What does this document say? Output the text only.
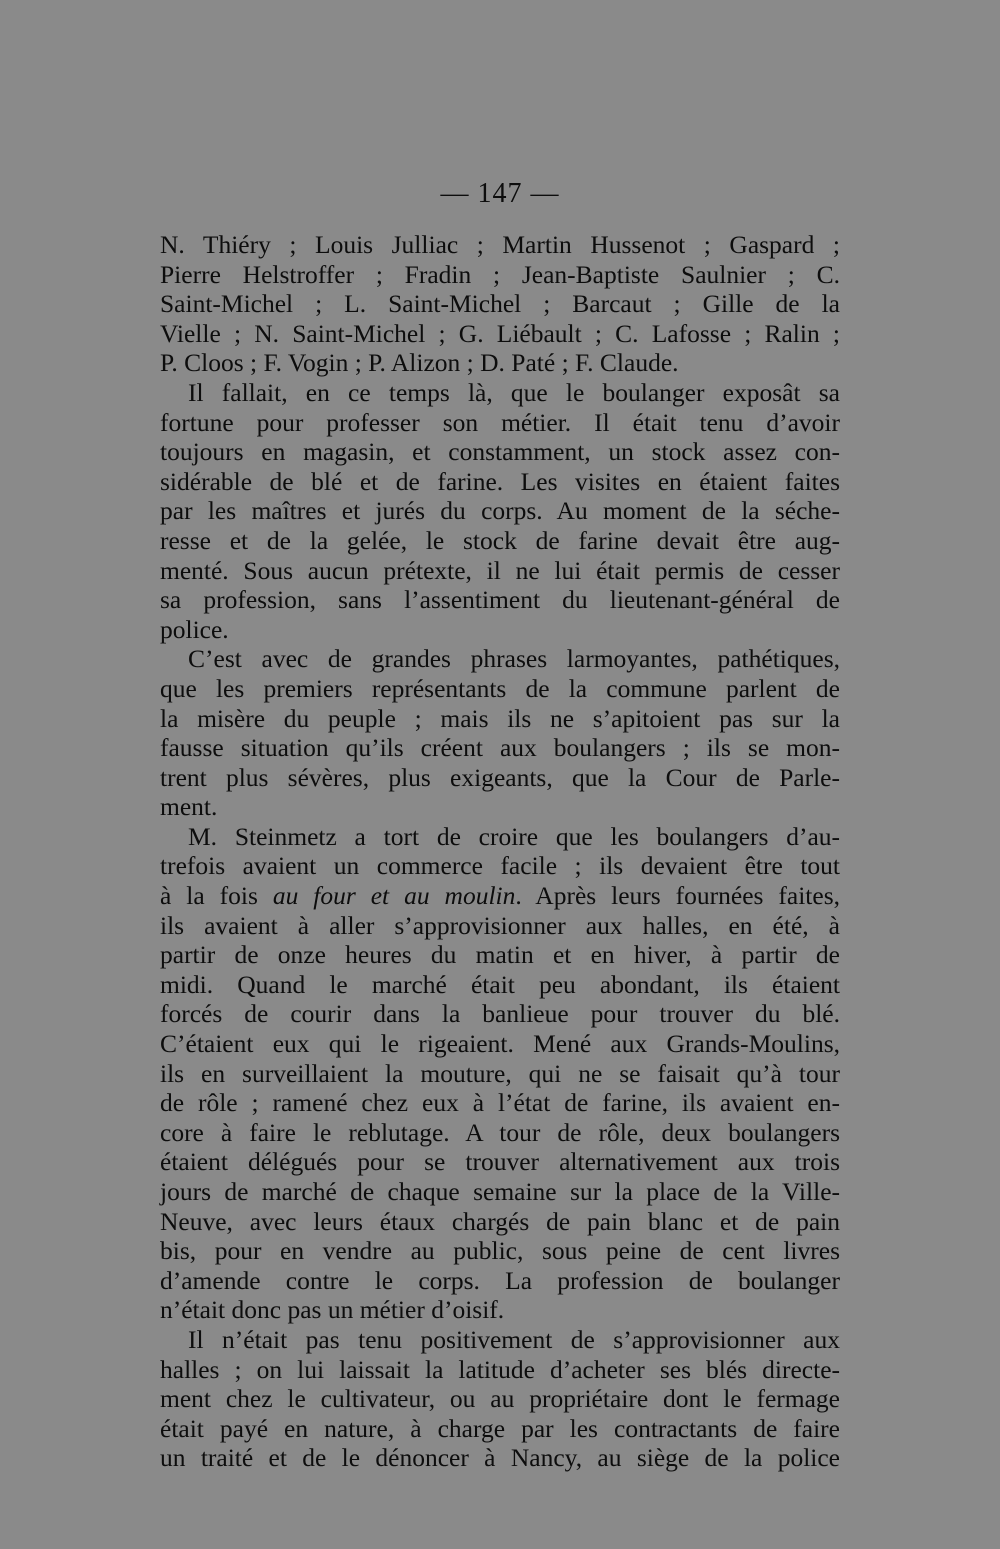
— 147 —

N. Thiéry ; Louis Julliac ; Martin Hussenot ; Gaspard ;
Pierre Helstroffer ; Fradin ; Jean-Baptiste Saulnier ; C.
Saint-Michel ; L. Saint-Michel ; Barcaut ; Gille de la
Vielle ; N. Saint-Michel ; G. Liébault ; C. Lafosse ; Ralin ;
P. Cloos ; F. Vogin ; P. Alizon ; D. Paté ; F. Claude.

Il fallait, en ce temps là, que le boulanger exposât sa
fortune pour professer son métier. Il était tenu d’avoir
toujours en magasin, et constamment, un stock assez con-
sidérable de blé et de farine. Les visites en étaient faites
par les maîtres et jurés du corps. Au moment de la séche-
resse et de la gelée, le stock de farine devait être aug-
menté. Sous aucun prétexte, il ne lui était permis de cesser
sa profession, sans l’assentiment du lieutenant-général de
police.

C’est avec de grandes phrases larmoyantes, pathétiques,
que les premiers représentants de la commune parlent de
la misère du peuple ; mais ils ne s’apitoient pas sur la
fausse situation qu’ils créent aux boulangers ; ils se mon-
trent plus sévères, plus exigeants, que la Cour de Parle-
ment.

M. Steinmetz a tort de croire que les boulangers d’au-
trefois avaient un commerce facile ; ils devaient être tout
à la fois au four et au moulin. Après leurs fournées faites,
ils avaient à aller s’approvisionner aux halles, en été, à
partir de onze heures du matin et en hiver, à partir de
midi. Quand le marché était peu abondant, ils étaient
forcés de courir dans la banlieue pour trouver du blé.
C’étaient eux qui le rigeaient. Mené aux Grands-Moulins,
ils en surveillaient la mouture, qui ne se faisait qu’à tour
de rôle ; ramené chez eux à l’état de farine, ils avaient en-
core à faire le reblutage. A tour de rôle, deux boulangers
étaient délégués pour se trouver alternativement aux trois
jours de marché de chaque semaine sur la place de la Ville-
Neuve, avec leurs étaux chargés de pain blanc et de pain
bis, pour en vendre au public, sous peine de cent livres
d’amende contre le corps. La profession de boulanger
n’était donc pas un métier d’oisif.

Il n’était pas tenu positivement de s’approvisionner aux
halles ; on lui laissait la latitude d’acheter ses blés directe-
ment chez le cultivateur, ou au propriétaire dont le fermage
était payé en nature, à charge par les contractants de faire
un traité et de le dénoncer à Nancy, au siège de la police
